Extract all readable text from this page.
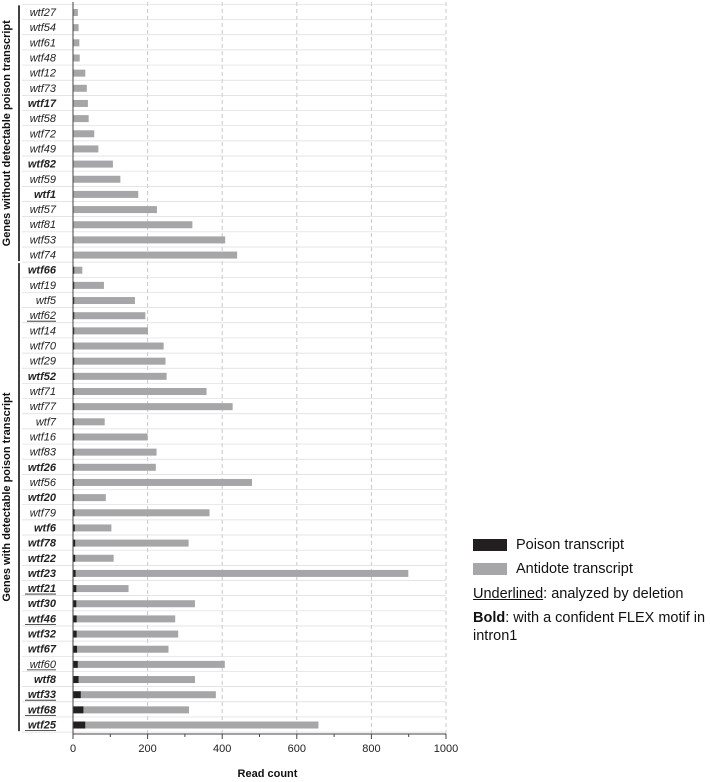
wtf27
wtf54
wtf61
wtf48
wtf12
wtf73
wtf17
wtf58
wtf72
wtf49
wtf82
wtf59
wtf1
wtf57
wtf81
wtf53
wtf74
wtf66
wtf19
wtf5
wtf62
wtf14
wtf70
wtf29
wtf52
wtf71
wtf77
wtf7
wtf16
wtf83
wtf26
wtf56
wtf20
wtf79
wtf6
wtf78
wtf22
wtf23
wtf21
wtf30
wtf46
wtf32
wtf67
wtf60
wtf8
wtf33
wtf68
wtf25
0	200	400	600	800	1000
Read count
Genes without detectable poison transcript
Genes with detectable poison transcript	Poison transcript
Antidote transcript
Underlined: analyzed by deletion
Bold: with a confident FLEX motif in intron1
